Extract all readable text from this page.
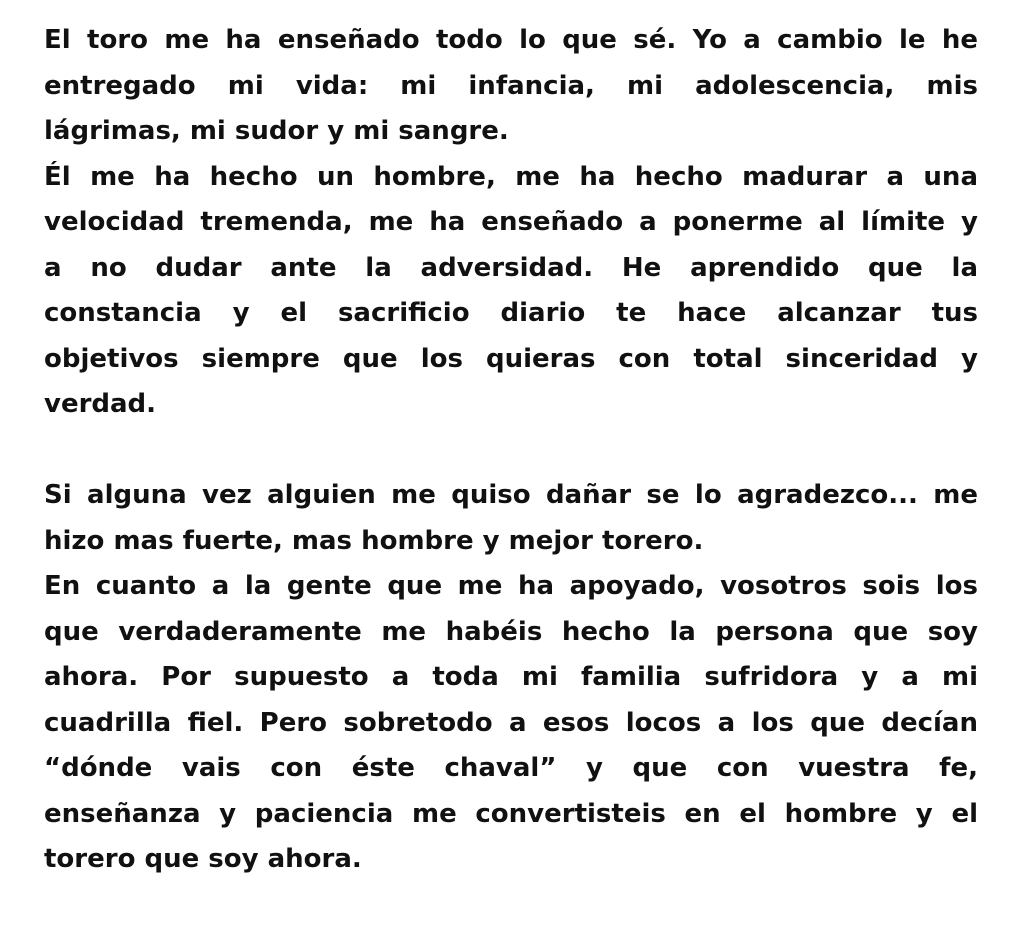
El toro me ha enseñado todo lo que sé. Yo a cambio le he
entregado mi vida: mi infancia, mi adolescencia, mis
lágrimas, mi sudor y mi sangre.
Él me ha hecho un hombre, me ha hecho madurar a una
velocidad tremenda, me ha enseñado a ponerme al límite y
a no dudar ante la adversidad. He aprendido que la
constancia y el sacrificio diario te hace alcanzar tus
objetivos siempre que los quieras con total sinceridad y
verdad.
Si alguna vez alguien me quiso dañar se lo agradezco... me
hizo mas fuerte, mas hombre y mejor torero.
En cuanto a la gente que me ha apoyado, vosotros sois los
que verdaderamente me habéis hecho la persona que soy
ahora. Por supuesto a toda mi familia sufridora y a mi
cuadrilla fiel. Pero sobretodo a esos locos a los que decían
“dónde vais con éste chaval” y que con vuestra fe,
enseñanza y paciencia me convertisteis en el hombre y el
torero que soy ahora.
